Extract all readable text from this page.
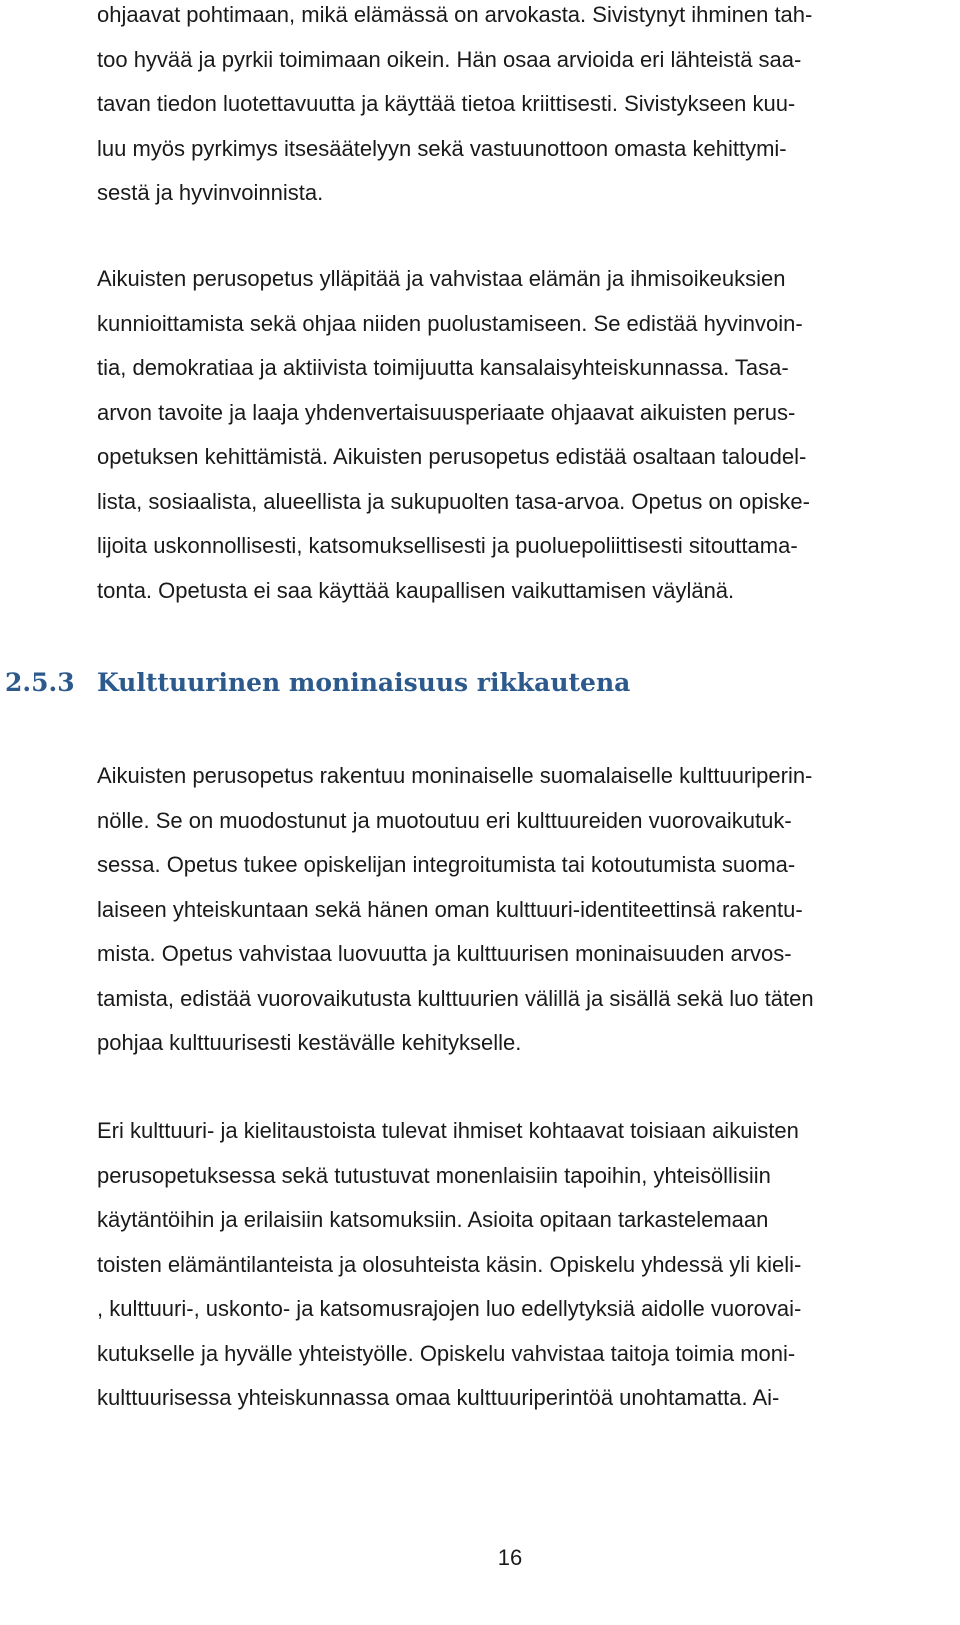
ohjaavat pohtimaan, mikä elämässä on arvokasta. Sivistynyt ihminen tah-
too hyvää ja pyrkii toimimaan oikein. Hän osaa arvioida eri lähteistä saa-
tavan tiedon luotettavuutta ja käyttää tietoa kriittisesti. Sivistykseen kuu-
luu myös pyrkimys itsesäätelyyn sekä vastuunottoon omasta kehittymi-
sestä ja hyvinvoinnista.
Aikuisten perusopetus ylläpitää ja vahvistaa elämän ja ihmisoikeuksien
kunnioittamista sekä ohjaa niiden puolustamiseen. Se edistää hyvinvoin-
tia, demokratiaa ja aktiivista toimijuutta kansalaisyhteiskunnassa. Tasa-
arvon tavoite ja laaja yhdenvertaisuusperiaate ohjaavat aikuisten perus-
opetuksen kehittämistä. Aikuisten perusopetus edistää osaltaan taloudel-
lista, sosiaalista, alueellista ja sukupuolten tasa-arvoa. Opetus on opiske-
lijoita uskonnollisesti, katsomuksellisesti ja puoluepoliittisesti sitouttama-
tonta. Opetusta ei saa käyttää kaupallisen vaikuttamisen väylänä.
2.5.3 Kulttuurinen moninaisuus rikkautena
Aikuisten perusopetus rakentuu moninaiselle suomalaiselle kulttuuriperin-
nölle. Se on muodostunut ja muotoutuu eri kulttuureiden vuorovaikutuk-
sessa. Opetus tukee opiskelijan integroitumista tai kotoutumista suoma-
laiseen yhteiskuntaan sekä hänen oman kulttuuri-identiteettinsä rakentu-
mista. Opetus vahvistaa luovuutta ja kulttuurisen moninaisuuden arvos-
tamista, edistää vuorovaikutusta kulttuurien välillä ja sisällä sekä luo täten
pohjaa kulttuurisesti kestävälle kehitykselle.
Eri kulttuuri- ja kielitaustoista tulevat ihmiset kohtaavat toisiaan aikuisten
perusopetuksessa sekä tutustuvat monenlaisiin tapoihin, yhteisöllisiin
käytäntöihin ja erilaisiin katsomuksiin. Asioita opitaan tarkastelemaan
toisten elämäntilanteista ja olosuhteista käsin. Opiskelu yhdessä yli kieli-
, kulttuuri-, uskonto- ja katsomusrajojen luo edellytyksiä aidolle vuorovai-
kutukselle ja hyvälle yhteistyölle. Opiskelu vahvistaa taitoja toimia moni-
kulttuurisessa yhteiskunnassa omaa kulttuuriperintöä unohtamatta. Ai-
16
